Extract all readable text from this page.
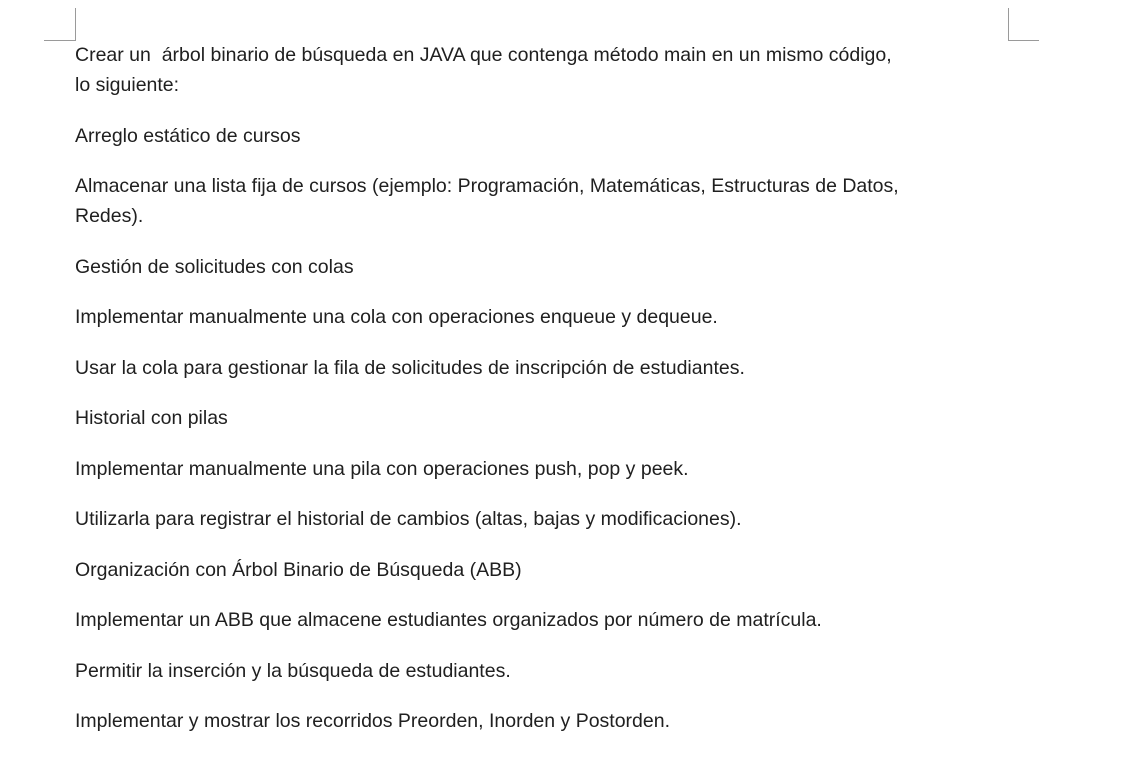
Crear un  árbol binario de búsqueda en JAVA que contenga método main en un mismo código,
lo siguiente:

Arreglo estático de cursos

Almacenar una lista fija de cursos (ejemplo: Programación, Matemáticas, Estructuras de Datos,
Redes).

Gestión de solicitudes con colas

Implementar manualmente una cola con operaciones enqueue y dequeue.

Usar la cola para gestionar la fila de solicitudes de inscripción de estudiantes.

Historial con pilas

Implementar manualmente una pila con operaciones push, pop y peek.

Utilizarla para registrar el historial de cambios (altas, bajas y modificaciones).

Organización con Árbol Binario de Búsqueda (ABB)

Implementar un ABB que almacene estudiantes organizados por número de matrícula.

Permitir la inserción y la búsqueda de estudiantes.

Implementar y mostrar los recorridos Preorden, Inorden y Postorden.
